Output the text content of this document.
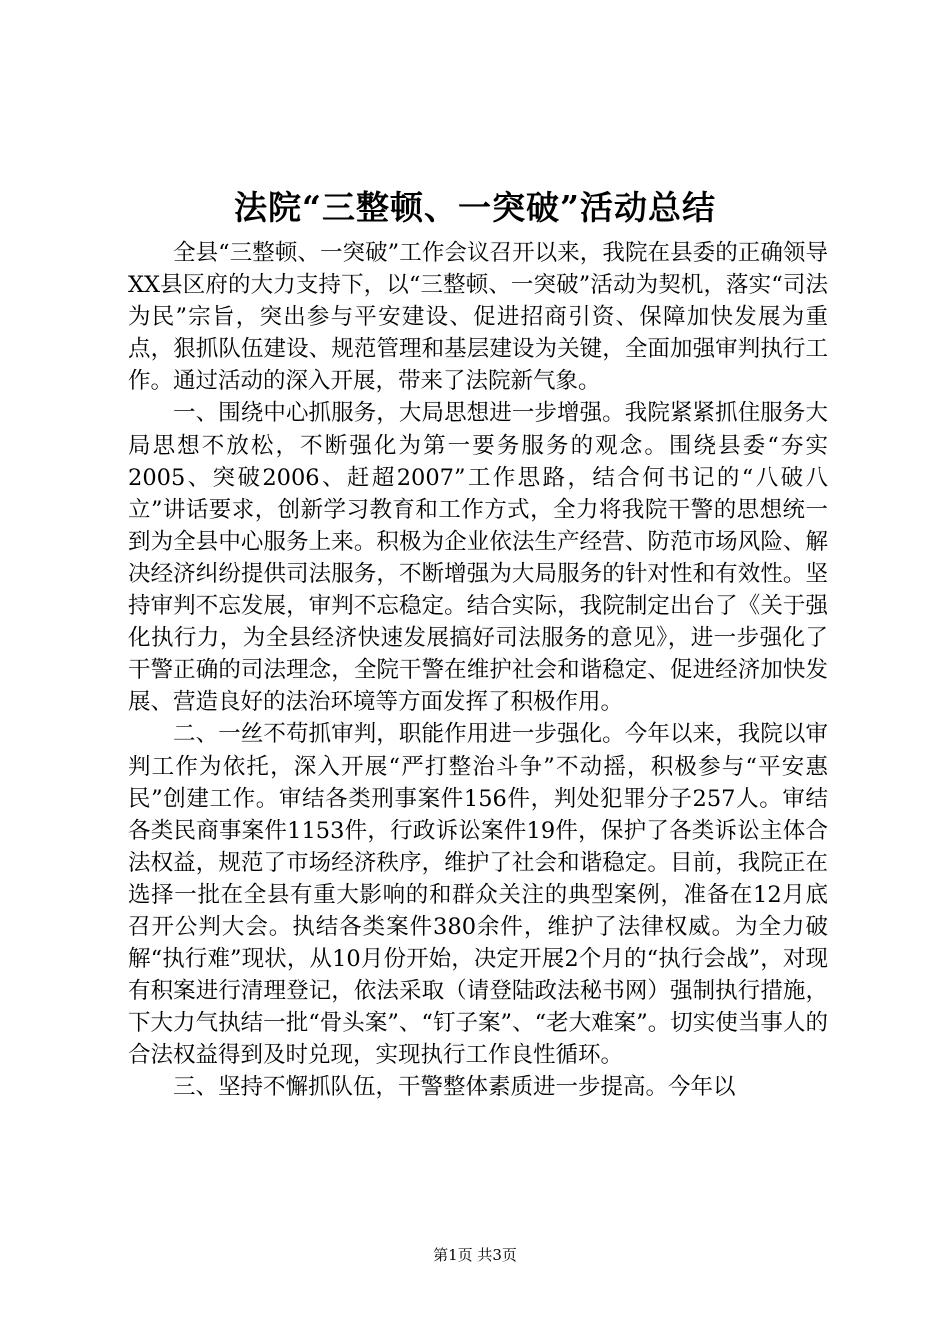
法院“三整顿、一突破”活动总结

全县“三整顿、一突破”工作会议召开以来，我院在县委的正确领导XX县区府的大力支持下，以“三整顿、一突破”活动为契机，落实“司法为民”宗旨，突出参与平安建设、促进招商引资、保障加快发展为重点，狠抓队伍建设、规范管理和基层建设为关键，全面加强审判执行工作。通过活动的深入开展，带来了法院新气象。

一、围绕中心抓服务，大局思想进一步增强。我院紧紧抓住服务大局思想不放松，不断强化为第一要务服务的观念。围绕县委“夯实2005、突破2006、赶超2007”工作思路，结合何书记的“八破八立”讲话要求，创新学习教育和工作方式，全力将我院干警的思想统一到为全县中心服务上来。积极为企业依法生产经营、防范市场风险、解决经济纠纷提供司法服务，不断增强为大局服务的针对性和有效性。坚持审判不忘发展，审判不忘稳定。结合实际，我院制定出台了《关于强化执行力，为全县经济快速发展搞好司法服务的意见》，进一步强化了干警正确的司法理念，全院干警在维护社会和谐稳定、促进经济加快发展、营造良好的法治环境等方面发挥了积极作用。

二、一丝不苟抓审判，职能作用进一步强化。今年以来，我院以审判工作为依托，深入开展“严打整治斗争”不动摇，积极参与“平安惠民”创建工作。审结各类刑事案件156件，判处犯罪分子257人。审结各类民商事案件1153件，行政诉讼案件19件，保护了各类诉讼主体合法权益，规范了市场经济秩序，维护了社会和谐稳定。目前，我院正在选择一批在全县有重大影响的和群众关注的典型案例，准备在12月底召开公判大会。执结各类案件380余件，维护了法律权威。为全力破解“执行难”现状，从10月份开始，决定开展2个月的“执行会战”，对现有积案进行清理登记，依法采取（请登陆政法秘书网）强制执行措施，下大力气执结一批“骨头案”、“钉子案”、“老大难案”。切实使当事人的合法权益得到及时兑现，实现执行工作良性循环。

三、坚持不懈抓队伍，干警整体素质进一步提高。今年以

第1页 共3页
